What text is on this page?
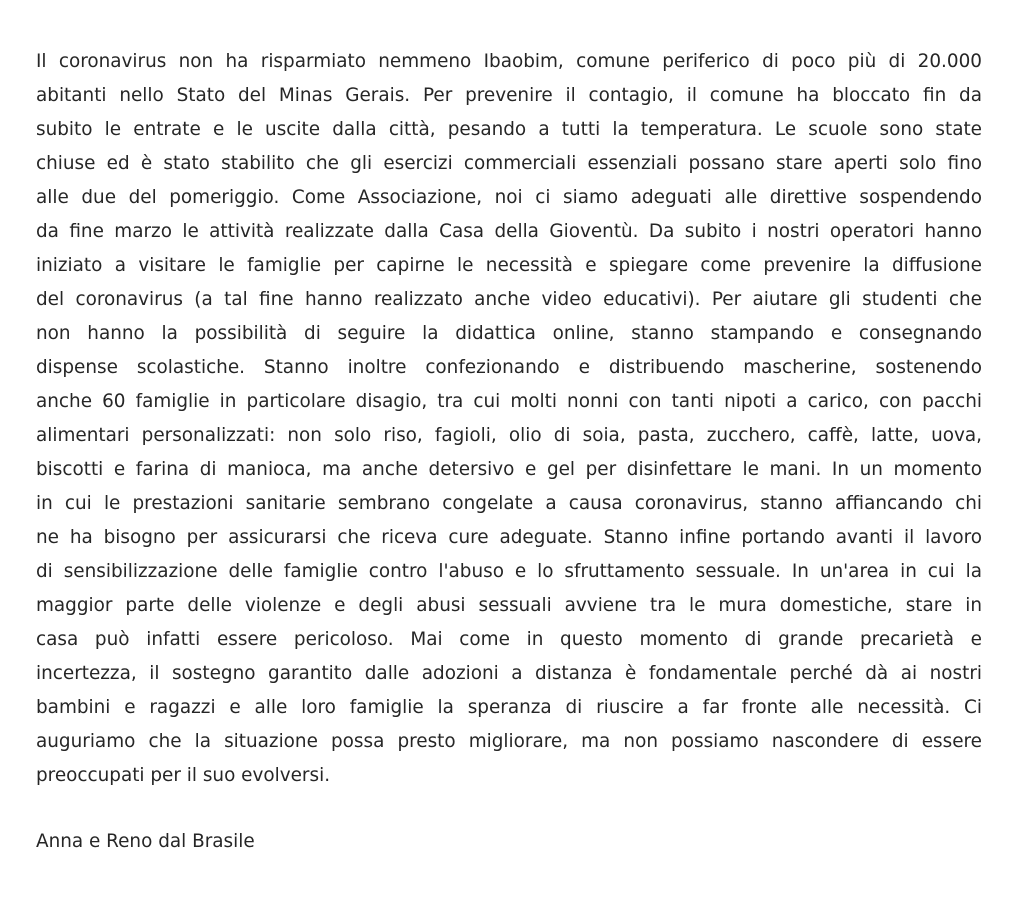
Il coronavirus non ha risparmiato nemmeno Ibaobim, comune periferico di poco più di 20.000
abitanti nello Stato del Minas Gerais. Per prevenire il contagio, il comune ha bloccato fin da
subito le entrate e le uscite dalla città, pesando a tutti la temperatura. Le scuole sono state
chiuse ed è stato stabilito che gli esercizi commerciali essenziali possano stare aperti solo fino
alle due del pomeriggio. Come Associazione, noi ci siamo adeguati alle direttive sospendendo
da fine marzo le attività realizzate dalla Casa della Gioventù. Da subito i nostri operatori hanno
iniziato a visitare le famiglie per capirne le necessità e spiegare come prevenire la diffusione
del coronavirus (a tal fine hanno realizzato anche video educativi). Per aiutare gli studenti che
non hanno la possibilità di seguire la didattica online, stanno stampando e consegnando
dispense scolastiche. Stanno inoltre confezionando e distribuendo mascherine, sostenendo
anche 60 famiglie in particolare disagio, tra cui molti nonni con tanti nipoti a carico, con pacchi
alimentari personalizzati: non solo riso, fagioli, olio di soia, pasta, zucchero, caffè, latte, uova,
biscotti e farina di manioca, ma anche detersivo e gel per disinfettare le mani. In un momento
in cui le prestazioni sanitarie sembrano congelate a causa coronavirus, stanno affiancando chi
ne ha bisogno per assicurarsi che riceva cure adeguate. Stanno infine portando avanti il lavoro
di sensibilizzazione delle famiglie contro l'abuso e lo sfruttamento sessuale. In un'area in cui la
maggior parte delle violenze e degli abusi sessuali avviene tra le mura domestiche, stare in
casa può infatti essere pericoloso. Mai come in questo momento di grande precarietà e
incertezza, il sostegno garantito dalle adozioni a distanza è fondamentale perché dà ai nostri
bambini e ragazzi e alle loro famiglie la speranza di riuscire a far fronte alle necessità. Ci
auguriamo che la situazione possa presto migliorare, ma non possiamo nascondere di essere
preoccupati per il suo evolversi.
Anna e Reno dal Brasile
